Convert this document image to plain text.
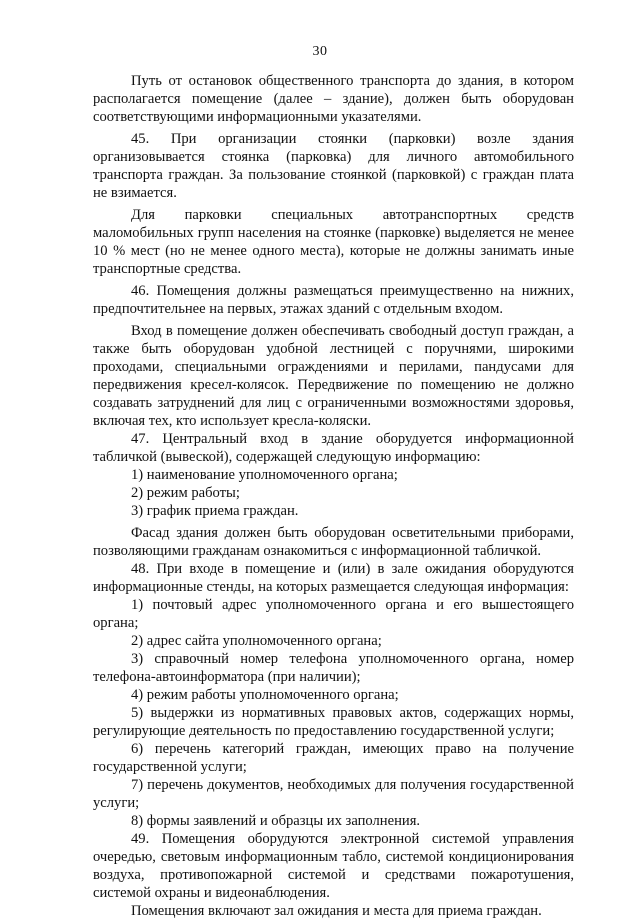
30

Путь от остановок общественного транспорта до здания, в котором располагается помещение (далее – здание), должен быть оборудован соответствующими информационными указателями.

45. При организации стоянки (парковки) возле здания организовывается стоянка (парковка) для личного автомобильного транспорта граждан. За пользование стоянкой (парковкой) с граждан плата не взимается.

Для парковки специальных автотранспортных средств маломобильных групп населения на стоянке (парковке) выделяется не менее 10 % мест (но не менее одного места), которые не должны занимать иные транспортные средства.

46. Помещения должны размещаться преимущественно на нижних, предпочтительнее на первых, этажах зданий с отдельным входом.

Вход в помещение должен обеспечивать свободный доступ граждан, а также быть оборудован удобной лестницей с поручнями, широкими проходами, специальными ограждениями и перилами, пандусами для передвижения кресел-колясок. Передвижение по помещению не должно создавать затруднений для лиц с ограниченными возможностями здоровья, включая тех, кто использует кресла-коляски.

47. Центральный вход в здание оборудуется информационной табличкой (вывеской), содержащей следующую информацию:

1) наименование уполномоченного органа;

2) режим работы;

3) график приема граждан.

Фасад здания должен быть оборудован осветительными приборами, позволяющими гражданам ознакомиться с информационной табличкой.

48. При входе в помещение и (или) в зале ожидания оборудуются информационные стенды, на которых размещается следующая информация:

1) почтовый адрес уполномоченного органа и его вышестоящего органа;

2) адрес сайта уполномоченного органа;

3) справочный номер телефона уполномоченного органа, номер телефона-автоинформатора (при наличии);

4) режим работы уполномоченного органа;

5) выдержки из нормативных правовых актов, содержащих нормы, регулирующие деятельность по предоставлению государственной услуги;

6) перечень категорий граждан, имеющих право на получение государственной услуги;

7) перечень документов, необходимых для получения государственной услуги;

8) формы заявлений и образцы их заполнения.

49. Помещения оборудуются электронной системой управления очередью, световым информационным табло, системой кондиционирования воздуха, противопожарной системой и средствами пожаротушения, системой охраны и видеонаблюдения.

Помещения включают зал ожидания и места для приема граждан.
